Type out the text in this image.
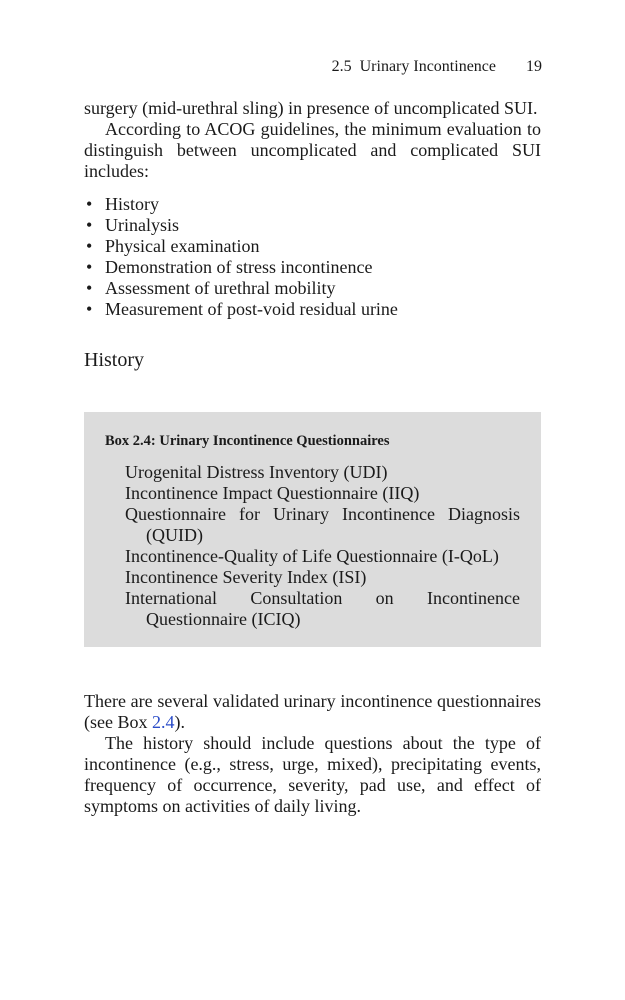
2.5 Urinary Incontinence 19

surgery (mid-urethral sling) in presence of uncomplicated SUI.

According to ACOG guidelines, the minimum evaluation to distinguish between uncomplicated and complicated SUI includes:

• History
• Urinalysis
• Physical examination
• Demonstration of stress incontinence
• Assessment of urethral mobility
• Measurement of post-void residual urine
History
Box 2.4: Urinary Incontinence Questionnaires
Urogenital Distress Inventory (UDI)
Incontinence Impact Questionnaire (IIQ)
Questionnaire for Urinary Incontinence Diagnosis (QUID)
Incontinence-Quality of Life Questionnaire (I-QoL)
Incontinence Severity Index (ISI)
International Consultation on Incontinence Questionnaire (ICIQ)

There are several validated urinary incontinence questionnaires (see Box 2.4).

The history should include questions about the type of incontinence (e.g., stress, urge, mixed), precipitating events, frequency of occurrence, severity, pad use, and effect of symptoms on activities of daily living.
